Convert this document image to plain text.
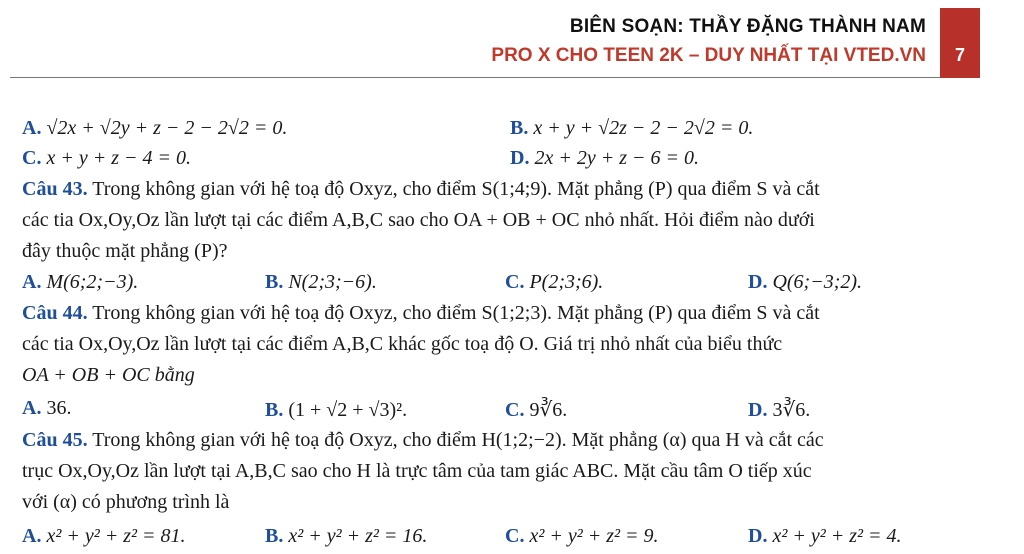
BIÊN SOẠN: THẦY ĐẶNG THÀNH NAM
PRO X CHO TEEN 2K – DUY NHẤT TẠI VTED.VN	7
A. √2x + √2y + z − 2 − 2√2 = 0.	B. x + y + √2z − 2 − 2√2 = 0.
C. x + y + z − 4 = 0.	D. 2x + 2y + z − 6 = 0.
Câu 43. Trong không gian với hệ toạ độ Oxyz, cho điểm S(1;4;9). Mặt phẳng (P) qua điểm S và cắt
các tia Ox,Oy,Oz lần lượt tại các điểm A,B,C sao cho OA + OB + OC nhỏ nhất. Hỏi điểm nào dưới
đây thuộc mặt phẳng (P)?
A. M(6;2;−3).	B. N(2;3;−6).	C. P(2;3;6).	D. Q(6;−3;2).
Câu 44. Trong không gian với hệ toạ độ Oxyz, cho điểm S(1;2;3). Mặt phẳng (P) qua điểm S và cắt
các tia Ox,Oy,Oz lần lượt tại các điểm A,B,C khác gốc toạ độ O. Giá trị nhỏ nhất của biểu thức
OA + OB + OC bằng
A. 36.	B. (1 + √2 + √3)².	C. 9∛6.	D. 3∛6.
Câu 45. Trong không gian với hệ toạ độ Oxyz, cho điểm H(1;2;−2). Mặt phẳng (α) qua H và cắt các
trục Ox,Oy,Oz lần lượt tại A,B,C sao cho H là trực tâm của tam giác ABC. Mặt cầu tâm O tiếp xúc
với (α) có phương trình là
A. x² + y² + z² = 81.	B. x² + y² + z² = 16.	C. x² + y² + z² = 9.	D. x² + y² + z² = 4.
